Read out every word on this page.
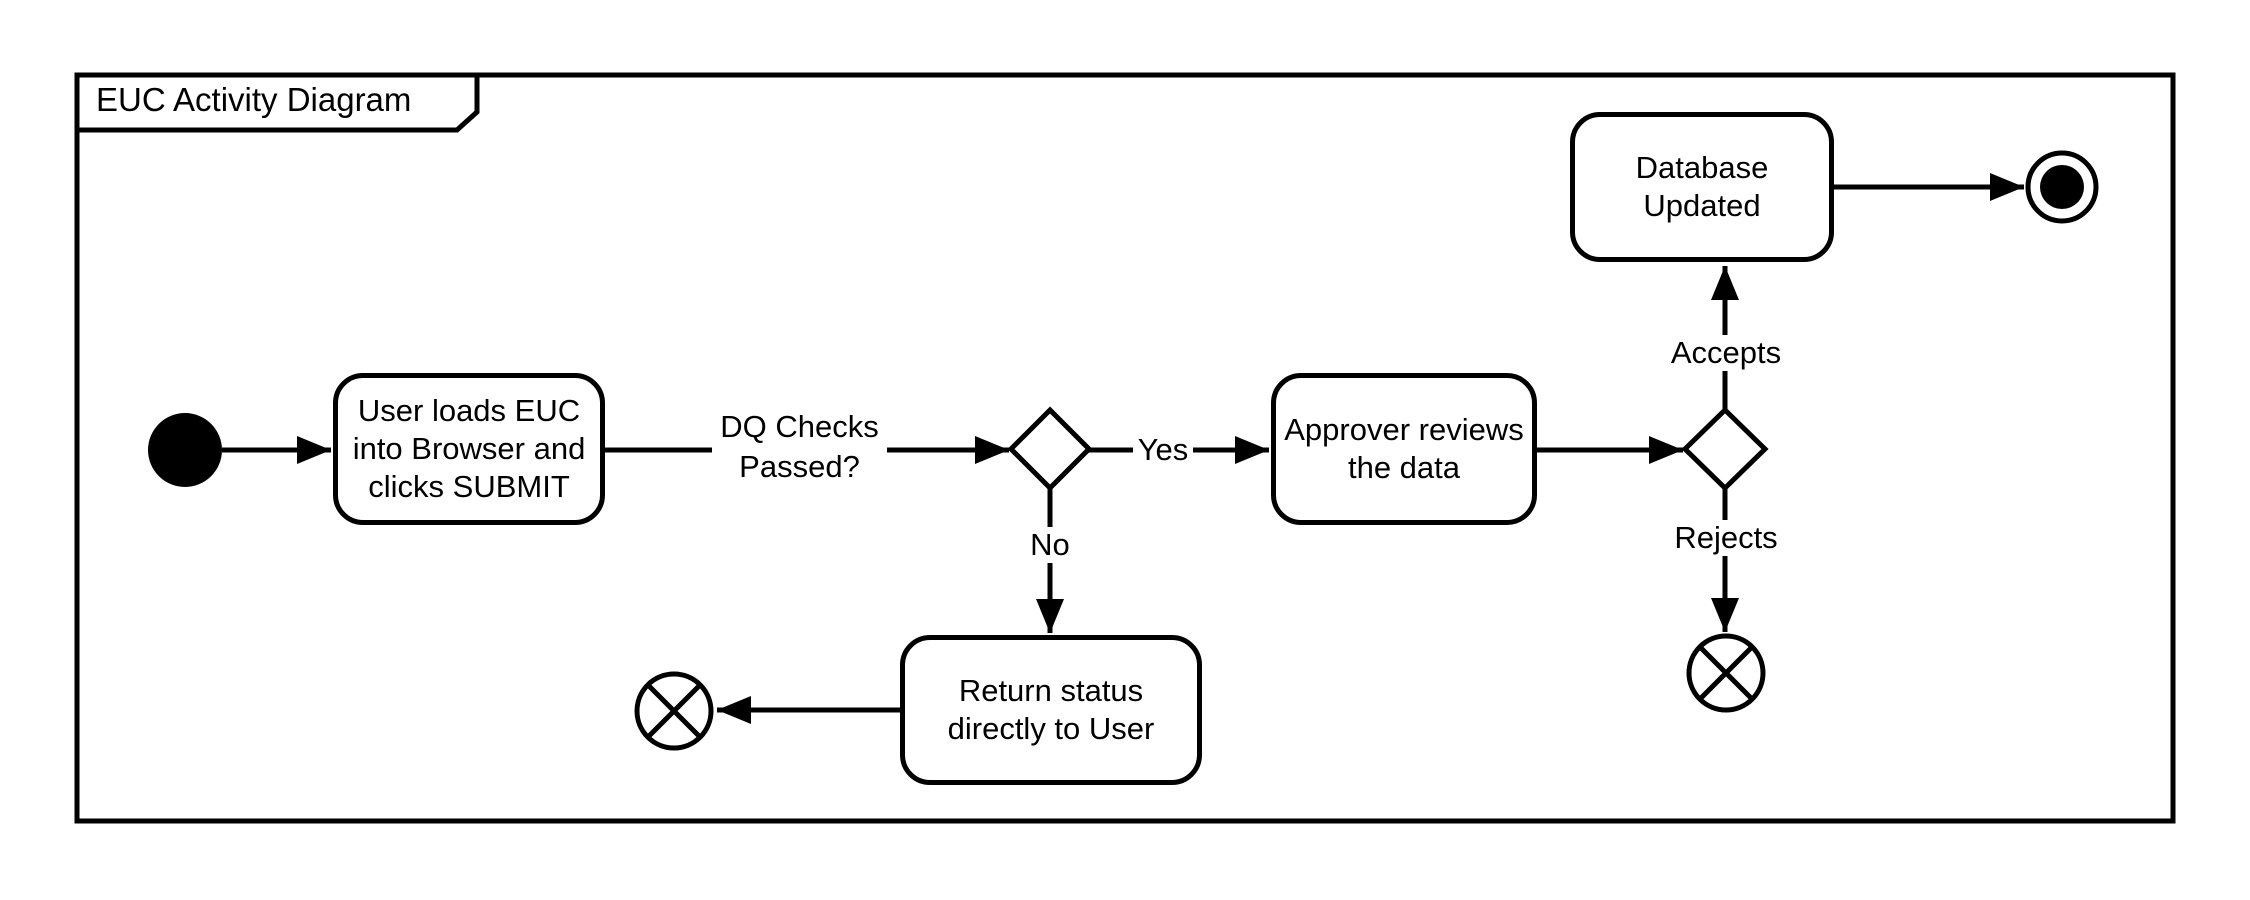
EUC Activity Diagram
User loads EUC
into Browser and
clicks SUBMIT
Approver reviews
the data
Database
Updated
Return status
directly to User
DQ Checks
Passed?	Yes
No
Accepts
Rejects
